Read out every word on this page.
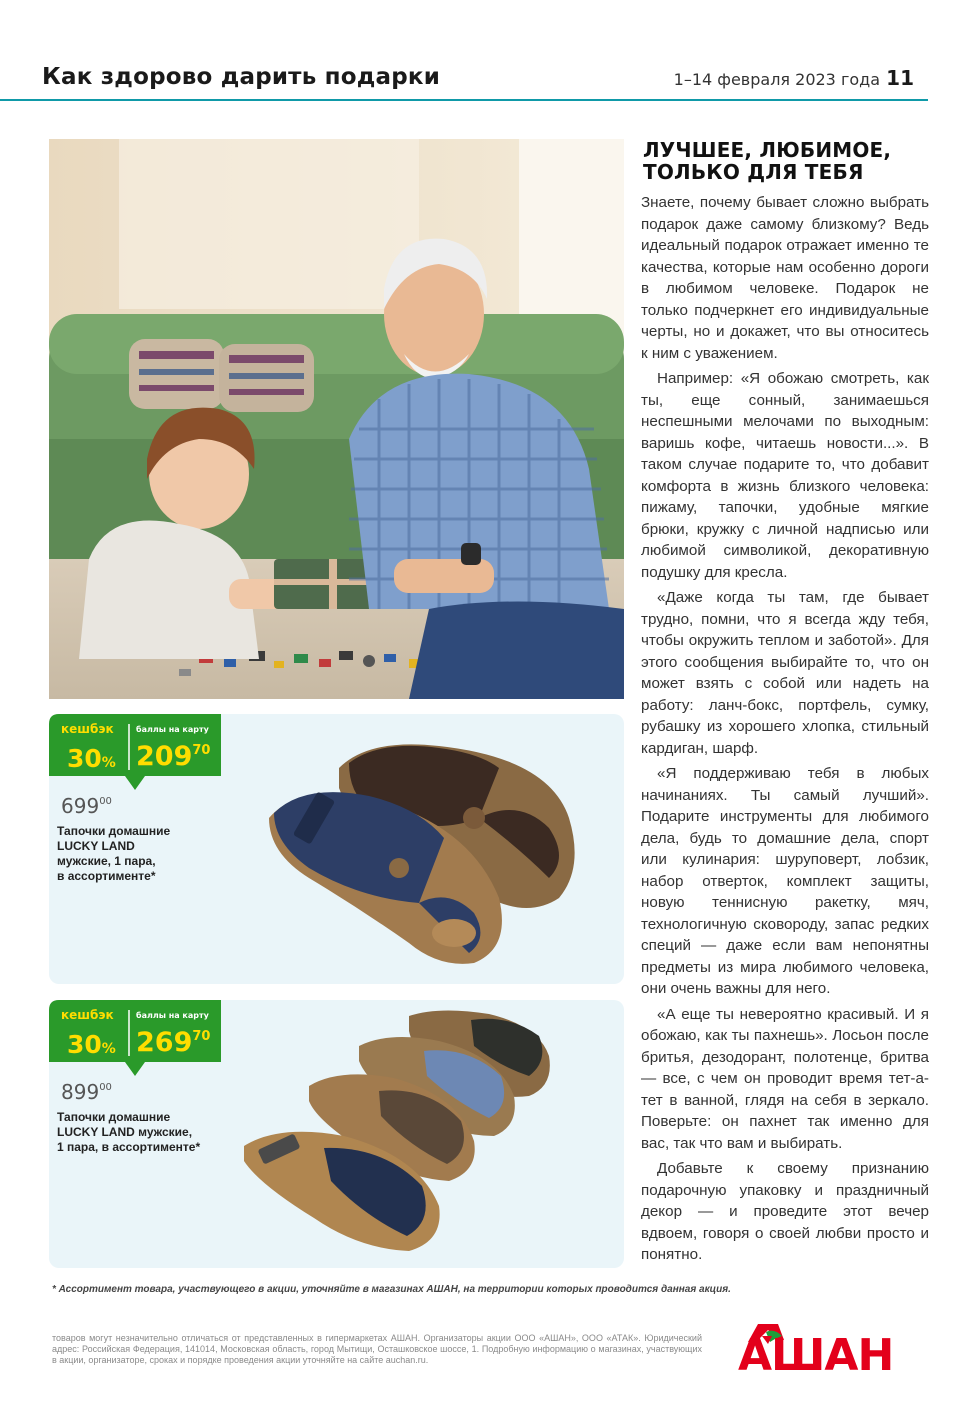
Как здорово дарить подарки	1–14 февраля 2023 года 11
кешбэк	баллы на карту
30% $209^{70}$
$699^{00}$
Тапочки домашние
LUCKY LAND
мужские, 1 пара,
в ассортименте*
кешбэк	баллы на карту
30% $269^{70}$
$899^{00}$
Тапочки домашние
LUCKY LAND мужские,
1 пара, в ассортименте*
ЛУЧШЕЕ, ЛЮБИМОЕ,
ТОЛЬКО ДЛЯ ТЕБЯ

Знаете, почему бывает сложно выбрать подарок даже самому близкому? Ведь идеальный подарок отражает именно те качества, которые нам особенно дороги в любимом человеке. Подарок не только подчеркнет его индивидуальные черты, но и докажет, что вы относитесь к ним с уважением.

Например: «Я обожаю смотреть, как ты, еще сонный, занимаешься неспешными мелочами по выходным: варишь кофе, читаешь новости...». В таком случае подарите то, что добавит комфорта в жизнь близкого человека: пижаму, тапочки, удобные мягкие брюки, кружку с личной надписью или любимой символикой, декоративную подушку для кресла.

«Даже когда ты там, где бывает трудно, помни, что я всегда жду тебя, чтобы окружить теплом и заботой». Для этого сообщения выбирайте то, что он может взять с собой или надеть на работу: ланч-бокс, портфель, сумку, рубашку из хорошего хлопка, стильный кардиган, шарф.

«Я поддерживаю тебя в любых начинаниях. Ты самый лучший». Подарите инструменты для любимого дела, будь то домашние дела, спорт или кулинария: шуруповерт, лобзик, набор отверток, комплект защиты, новую теннисную ракетку, мяч, технологичную сковороду, запас редких специй — даже если вам непонятны предметы из мира любимого человека, они очень важны для него.

«А еще ты невероятно красивый. И я обожаю, как ты пахнешь». Лосьон после бритья, дезодорант, полотенце, бритва — все, с чем он проводит время тет-а-тет в ванной, глядя на себя в зеркало. Поверьте: он пахнет так именно для вас, так что вам и выбирать.

Добавьте к своему признанию подарочную упаковку и праздничный декор — и проведите этот вечер вдвоем, говоря о своей любви просто и понятно.

* Ассортимент товара, участвующего в акции, уточняйте в магазинах АШАН, на территории которых проводится данная акция.
товаров могут незначительно отличаться от представленных в гипермаркетах АШАН. Организаторы акции ООО «АШАН», ООО «АТАК». Юридический адрес: Российская Федерация, 141014, Московская область, город Мытищи, Осташковское шоссе, 1. Подробную информацию о магазинах, участвующих в акции, организаторе, сроках и порядке проведения акции уточняйте на сайте auchan.ru.	АШАН
